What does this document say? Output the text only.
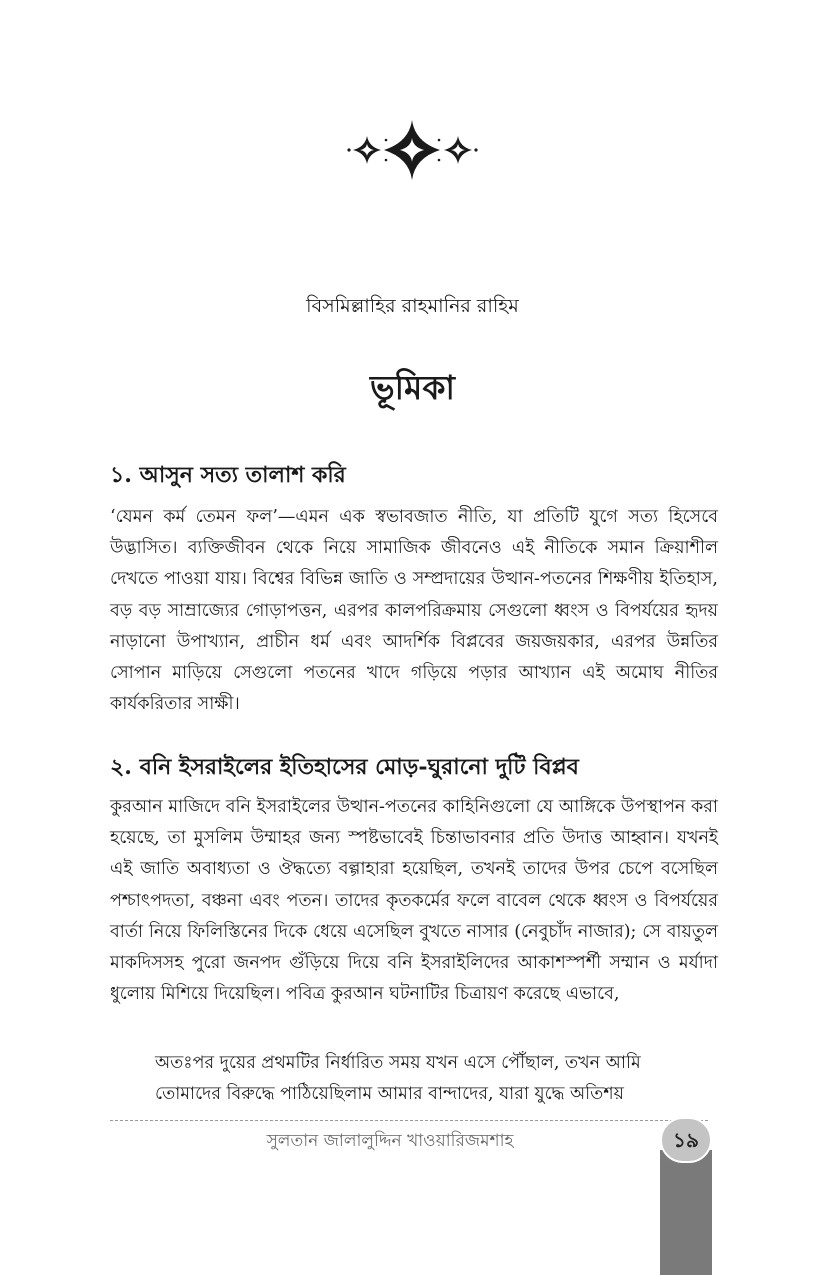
বিসমিল্লাহির রাহমানির রাহিম
ভূমিকা
১. আসুন সত্য তালাশ করি
‘যেমন কর্ম তেমন ফল’—এমন এক স্বভাবজাত নীতি, যা প্রতিটি যুগে সত্য হিসেবে উদ্ভাসিত। ব্যক্তিজীবন থেকে নিয়ে সামাজিক জীবনেও এই নীতিকে সমান ক্রিয়াশীল দেখতে পাওয়া যায়। বিশ্বের বিভিন্ন জাতি ও সম্প্রদায়ের উত্থান-পতনের শিক্ষণীয় ইতিহাস, বড় বড় সাম্রাজ্যের গোড়াপত্তন, এরপর কালপরিক্রমায় সেগুলো ধ্বংস ও বিপর্যয়ের হৃদয় নাড়ানো উপাখ্যান, প্রাচীন ধর্ম এবং আদর্শিক বিপ্লবের জয়জয়কার, এরপর উন্নতির সোপান মাড়িয়ে সেগুলো পতনের খাদে গড়িয়ে পড়ার আখ্যান এই অমোঘ নীতির কার্যকরিতার সাক্ষী।
২. বনি ইসরাইলের ইতিহাসের মোড়-ঘুরানো দুটি বিপ্লব
কুরআন মাজিদে বনি ইসরাইলের উত্থান-পতনের কাহিনিগুলো যে আঙ্গিকে উপস্থাপন করা হয়েছে, তা মুসলিম উম্মাহর জন্য স্পষ্টভাবেই চিন্তাভাবনার প্রতি উদাত্ত আহ্বান। যখনই এই জাতি অবাধ্যতা ও ঔদ্ধত্যে বল্গাহারা হয়েছিল, তখনই তাদের উপর চেপে বসেছিল পশ্চাৎপদতা, বঞ্চনা এবং পতন। তাদের কৃতকর্মের ফলে বাবেল থেকে ধ্বংস ও বিপর্যয়ের বার্তা নিয়ে ফিলিস্তিনের দিকে ধেয়ে এসেছিল বুখতে নাসার (নেবুচাঁদ নাজার); সে বায়তুল মাকদিসসহ পুরো জনপদ গুঁড়িয়ে দিয়ে বনি ইসরাইলিদের আকাশস্পর্শী সম্মান ও মর্যাদা ধুলোয় মিশিয়ে দিয়েছিল। পবিত্র কুরআন ঘটনাটির চিত্রায়ণ করেছে এভাবে,
অতঃপর দুয়ের প্রথমটির নির্ধারিত সময় যখন এসে পৌঁছাল, তখন আমি
তোমাদের বিরুদ্ধে পাঠিয়েছিলাম আমার বান্দাদের, যারা যুদ্ধে অতিশয়
সুলতান জালালুদ্দিন খাওয়ারিজমশাহ	১৯
